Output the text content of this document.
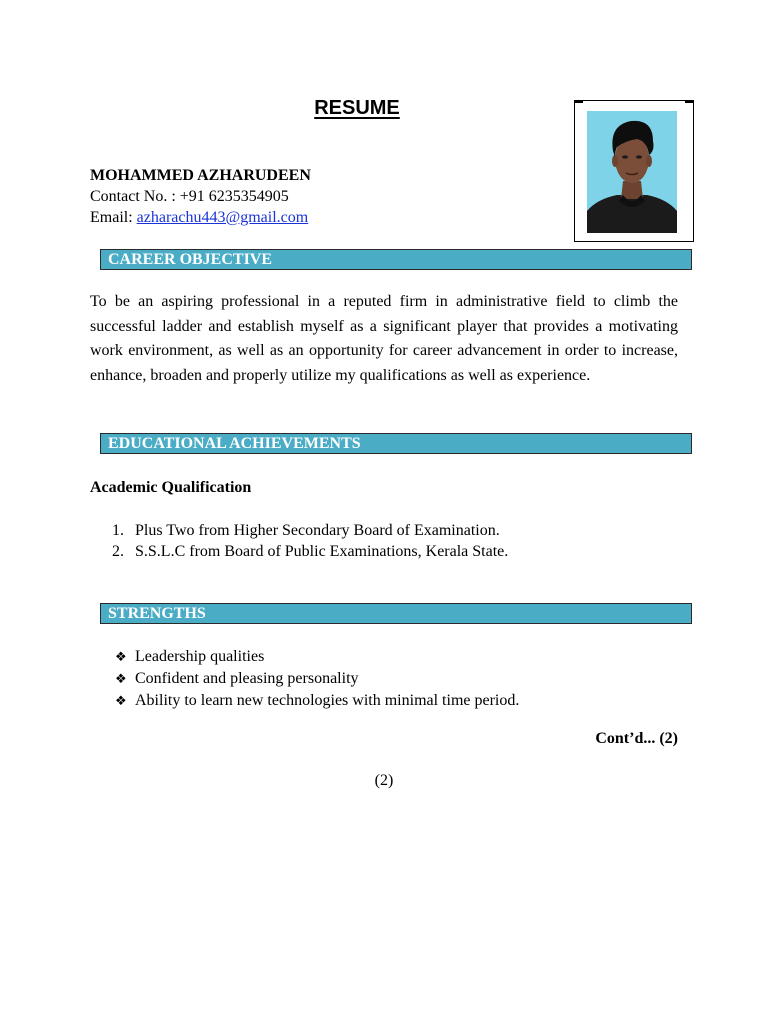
RESUME
MOHAMMED AZHARUDEEN
Contact No. : +91 6235354905
Email: azharachu443@gmail.com
CAREER OBJECTIVE
To be an aspiring professional in a reputed firm in administrative field to climb the successful ladder and establish myself as a significant player that provides a motivating work environment, as well as an opportunity for career advancement in order to increase, enhance, broaden and properly utilize my qualifications as well as experience.
EDUCATIONAL ACHIEVEMENTS
Academic Qualification
1. Plus Two from Higher Secondary Board of Examination.
2. S.S.L.C from Board of Public Examinations, Kerala State.
STRENGTHS
❖ Leadership qualities
❖ Confident and pleasing personality
❖ Ability to learn new technologies with minimal time period.
Cont’d... (2)
(2)
